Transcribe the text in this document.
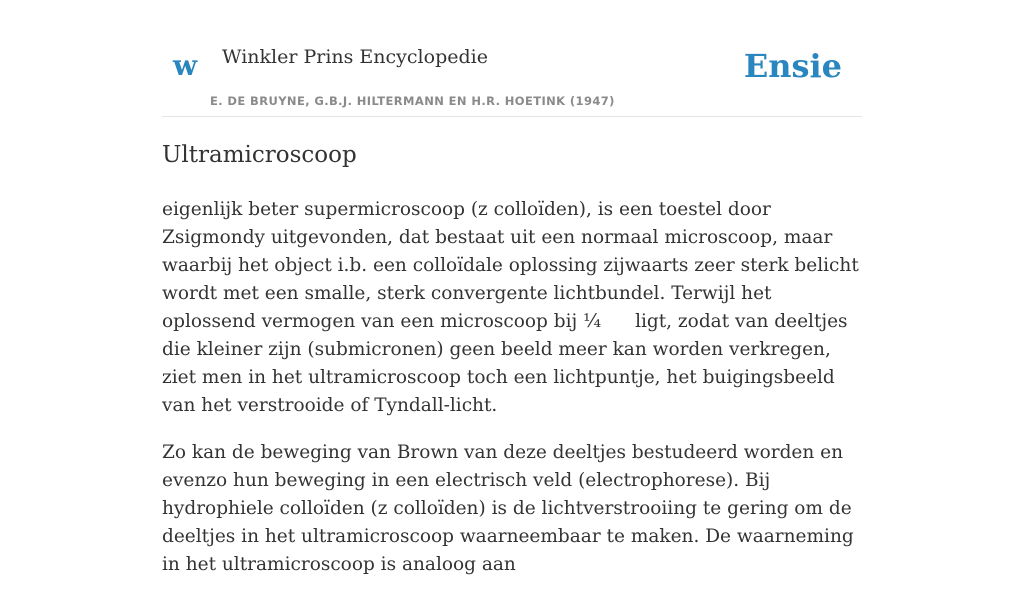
w Winkler Prins Encyclopedie
E. DE BRUYNE, G.B.J. HILTERMANN EN H.R. HOETINK (1947)
Ensie
Ultramicroscoop

eigenlijk beter supermicroscoop (z colloïden), is een toestel door Zsigmondy uitgevonden, dat bestaat uit een normaal microscoop, maar waarbij het object i.b. een colloïdale oplossing zijwaarts zeer sterk belicht wordt met een smalle, sterk convergente lichtbundel. Terwijl het oplossend vermogen van een microscoop bij ¼ ligt, zodat van deeltjes die kleiner zijn (submicronen) geen beeld meer kan worden verkregen, ziet men in het ultramicroscoop toch een lichtpuntje, het buigingsbeeld van het verstrooide of Tyndall-licht.

Zo kan de beweging van Brown van deze deeltjes bestudeerd worden en evenzo hun beweging in een electrisch veld (electrophorese). Bij hydrophiele colloïden (z colloïden) is de lichtverstrooiing te gering om de deeltjes in het ultramicroscoop waarneembaar te maken. De waarneming in het ultramicroscoop is analoog aan
